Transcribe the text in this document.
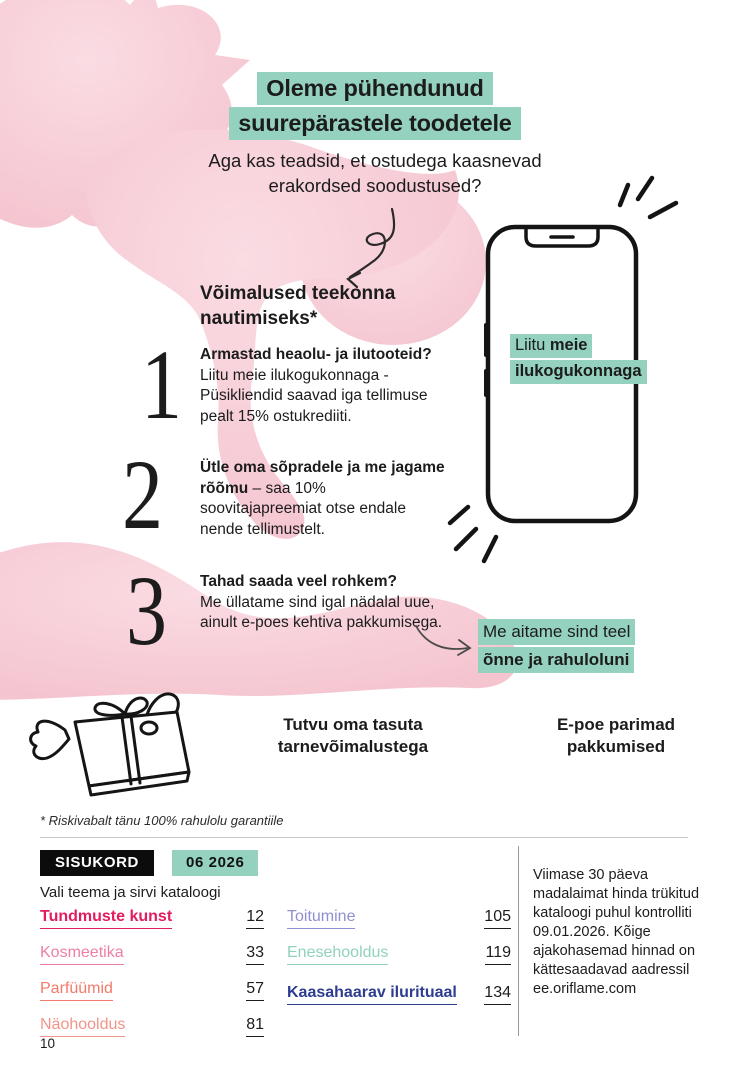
Oleme pühendunud
suurepärastele toodetele
Aga kas teadsid, et ostudega kaasnevad
erakordsed soodustused?
Liitu meie
ilukogukonnaga
Võimalused teekonna
nautimiseks*
1 Armastad heaolu- ja ilutooteid?
Liitu meie ilukogukonnaga - Püsikliendid saavad iga tellimuse pealt 15% ostukrediiti.
2 Ütle oma sõpradele ja me jagame rõõmu – saa 10% soovitajapreemiat otse endale nende tellimustelt.
3 Tahad saada veel rohkem?
Me üllatame sind igal nädalal uue, ainult e-poes kehtiva pakkumisega.	Me aitame sind teel
õnne ja rahuloluni
Tutvu oma tasuta tarnevõimalustega
E-poe parimad pakkumised
* Riskivabalt tänu 100% rahulolu garantiile
SISUKORD	06 2026
Vali teema ja sirvi kataloogi
Tundmuste kunst	12
Kosmeetika	33
Parfüümid	57
Näohooldus	81
Toitumine	105
Enesehooldus	119
Kaasahaarav ilurituaal 134
Viimase 30 päeva madalaimat hinda trükitud kataloogi puhul kontrolliti 09.01.2026. Kõige ajakohasemad hinnad on kättesaadavad aadressil ee.oriflame.com
10
